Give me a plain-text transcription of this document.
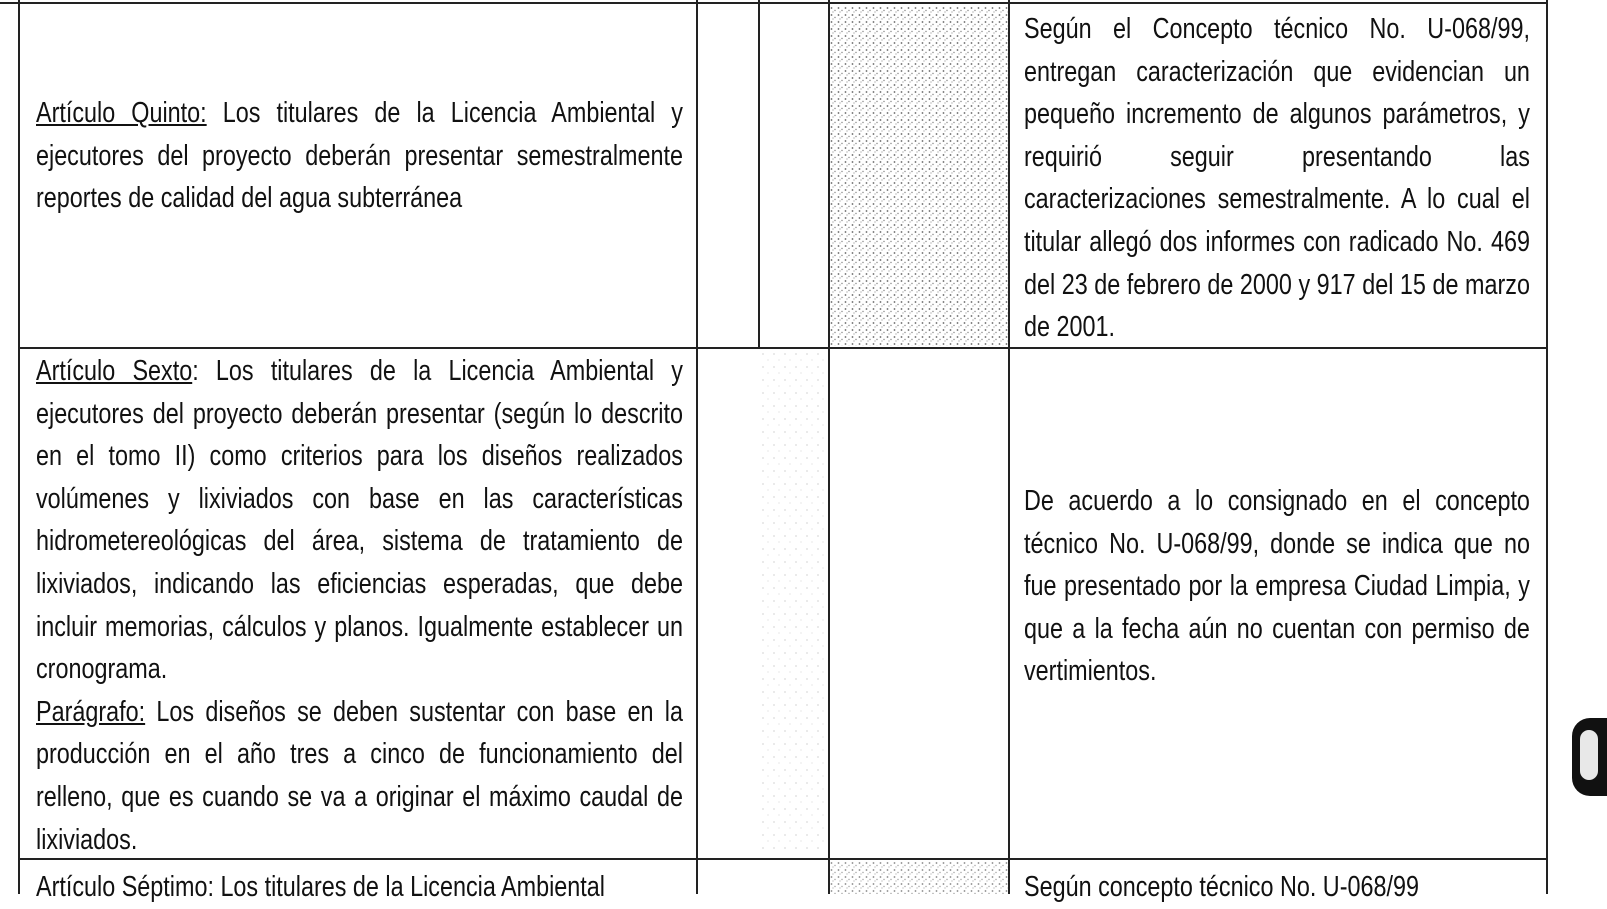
Artículo Quinto: Los titulares de la Licencia Ambiental y ejecutores del proyecto deberán presentar semestralmente reportes de calidad del agua subterránea
Según el Concepto técnico No. U-068/99, entregan caracterización que evidencian un pequeño incremento de algunos parámetros, y requirió seguir presentando las caracterizaciones semestralmente. A lo cual el titular allegó dos informes con radicado No. 469 del 23 de febrero de 2000 y 917 del 15 de marzo de 2001.
Artículo Sexto: Los titulares de la Licencia Ambiental y ejecutores del proyecto deberán presentar (según lo descrito en el tomo II) como criterios para los diseños realizados volúmenes y lixiviados con base en las características hidrometereológicas del área, sistema de tratamiento de lixiviados, indicando las eficiencias esperadas, que debe incluir memorias, cálculos y planos. Igualmente establecer un cronograma.
Parágrafo: Los diseños se deben sustentar con base en la producción en el año tres a cinco de funcionamiento del relleno, que es cuando se va a originar el máximo caudal de lixiviados.
De acuerdo a lo consignado en el concepto técnico No. U-068/99, donde se indica que no fue presentado por la empresa Ciudad Limpia, y que a la fecha aún no cuentan con permiso de vertimientos.
Artículo Séptimo: Los titulares de la Licencia Ambiental	Según concepto técnico No. U-068/99
